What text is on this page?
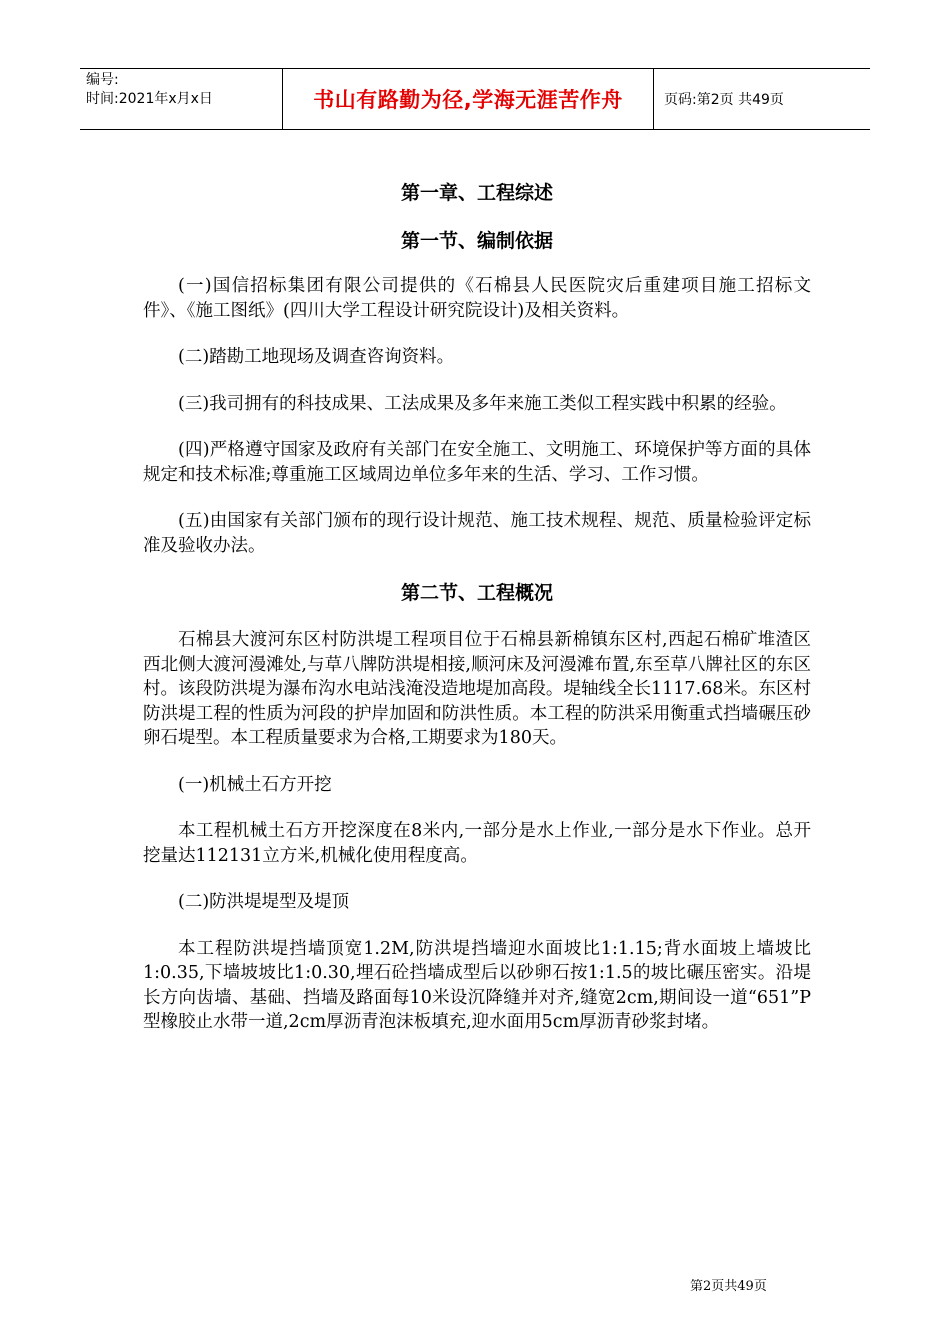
编号:
时间:2021年x月x日	书山有路勤为径,学海无涯苦作舟	页码:第2页 共49页
第一章、工程综述
第一节、编制依据

(一)国信招标集团有限公司提供的《石棉县人民医院灾后重建项目施工招标文件》、《施工图纸》(四川大学工程设计研究院设计)及相关资料。

(二)踏勘工地现场及调查咨询资料。

(三)我司拥有的科技成果、工法成果及多年来施工类似工程实践中积累的经验。

(四)严格遵守国家及政府有关部门在安全施工、文明施工、环境保护等方面的具体规定和技术标准;尊重施工区域周边单位多年来的生活、学习、工作习惯。

(五)由国家有关部门颁布的现行设计规范、施工技术规程、规范、质量检验评定标准及验收办法。

第二节、工程概况

石棉县大渡河东区村防洪堤工程项目位于石棉县新棉镇东区村,西起石棉矿堆渣区西北侧大渡河漫滩处,与草八牌防洪堤相接,顺河床及河漫滩布置,东至草八牌社区的东区村。该段防洪堤为瀑布沟水电站浅淹没造地堤加高段。堤轴线全长1117.68米。东区村防洪堤工程的性质为河段的护岸加固和防洪性质。本工程的防洪采用衡重式挡墙碾压砂卵石堤型。本工程质量要求为合格,工期要求为180天。

(一)机械土石方开挖

本工程机械土石方开挖深度在8米内,一部分是水上作业,一部分是水下作业。总开挖量达112131立方米,机械化使用程度高。

(二)防洪堤堤型及堤顶

本工程防洪堤挡墙顶宽1.2M,防洪堤挡墙迎水面坡比1:1.15;背水面坡上墙坡比1:0.35,下墙坡坡比1:0.30,埋石砼挡墙成型后以砂卵石按1:1.5的坡比碾压密实。沿堤长方向齿墙、基础、挡墙及路面每10米设沉降缝并对齐,缝宽2cm,期间设一道“651”P型橡胶止水带一道,2cm厚沥青泡沫板填充,迎水面用5cm厚沥青砂浆封堵。

第2页共49页
